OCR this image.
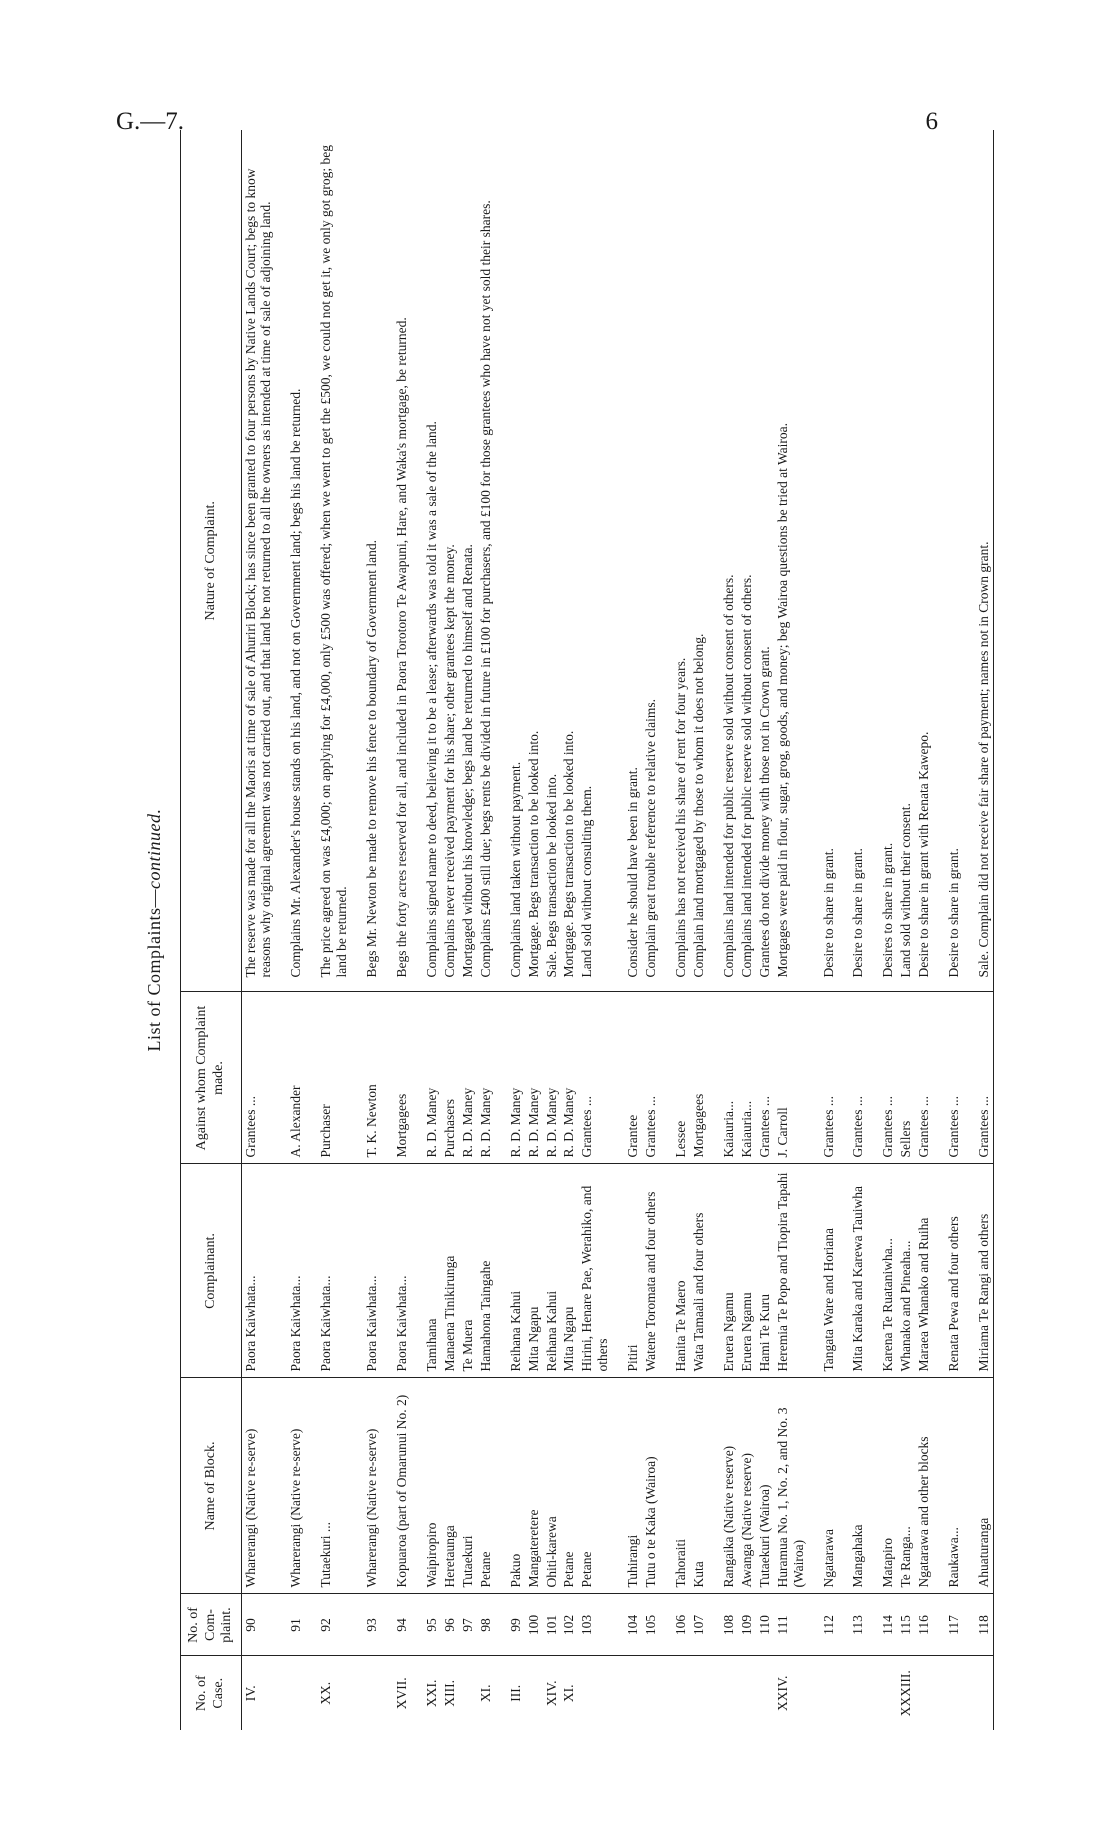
G.—7.	6
List of Complaints—continued.
No. of Case.	No. of Com-plaint.	Name of Block.	Complainant.	Against whom Complaint made.	Nature of Complaint.
IV.	90	Wharerangi (Native re-serve)	Paora Kaiwhata...	Grantees ...	The reserve was made for all the Maoris at time of sale of Ahuriri Block; has since been granted to four persons by Native Lands Court; begs to know reasons why original agreement was not carried out, and that land be not returned to all the owners as intended at time of sale of adjoining land.
	91	Wharerangi (Native re-serve)	Paora Kaiwhata...	A. Alexander	Complains Mr. Alexander's house stands on his land, and not on Government land; begs his land be returned.
XX.	92	Tutaekuri ...	Paora Kaiwhata...	Purchaser	The price agreed on was £4,000; on applying for £4,000, only £500 was offered; when we went to get the £500, we could not get it, we only got grog; beg land be returned.
	93	Wharerangi (Native re-serve)	Paora Kaiwhata...	T. K. Newton	Begs Mr. Newton be made to remove his fence to boundary of Government land.
XVII.	94	Kopuaroa (part of Omarunui No. 2)	Paora Kaiwhata...	Mortgagees	Begs the forty acres reserved for all, and included in Paora Torotoro Te Awapuni, Hare, and Waka's mortgage, be returned.
XXI.	95	Waipiropiro	Tamihana	R. D. Maney	Complains signed name to deed, believing it to be a lease; afterwards was told it was a sale of the land.
XIII.	96	Heretaunga	Manaena Tinikirunga	Purchasers	Complains never received payment for his share; other grantees kept the money.
	97	Tutaekuri	Te Muera	R. D. Maney	Mortgaged without his knowledge; begs land be returned to himself and Renata.
XI.	98	Petane	Hamahona Taingahe	R. D. Maney	Complains £400 still due; begs rents be divided in future in £100 for purchasers, and £100 for those grantees who have not yet sold their shares.
III.	99	Pakuo	Reihana Kahui	R. D. Maney	Complains land taken without payment.
	100	Mangateretere	Mita Ngapu	R. D. Maney	Mortgage. Begs transaction to be looked into.
XIV.	101	Ohiti-karewa	Reihana Kahui	R. D. Maney	Sale. Begs transaction be looked into.
XI.	102	Petane	Mita Ngapu	R. D. Maney	Mortgage. Begs transaction to be looked into.
	103	Petane	Hirini, Henare Pae, Werahiko, and others	Grantees ...	Land sold without consulting them.
	104	Tuhirangi	Pitiri	Grantee	Consider he should have been in grant.
	105	Tutu o te Kaka (Wairoa)	Watene Toromata and four others	Grantees ...	Complain great trouble reference to relative claims.
	106	Tahoraiti	Hanita Te Maero	Lessee	Complains has not received his share of rent for four years.
	107	Kuta	Wata Tamaali and four others	Mortgagees	Complain land mortgaged by those to whom it does not belong.
	108	Rangaika (Native reserve)	Eruera Ngamu	Kaiauria...	Complains land intended for public reserve sold without consent of others.
	109	Awanga (Native reserve)	Eruera Ngamu	Kaiauria...	Complains land intended for public reserve sold without consent of others.
	110	Tutaekuri (Wairoa)	Hami Te Kuru	Grantees ...	Grantees do not divide money with those not in Crown grant.
XXIV.	111	Huramua No. 1, No. 2, and No. 3 (Wairoa)	Heremia Te Popo and Tiopira Tapahi	J. Carroll	Mortgages were paid in flour, sugar, grog, goods, and money; beg Wairoa questions be tried at Wairoa.
	112	Ngatarawa	Tangata Ware and Horiana	Grantees ...	Desire to share in grant.
	113	Mangahaka	Mita Karaka and Karewa Tauiwha	Grantees ...	Desire to share in grant.
	114	Matapiro	Karena Te Ruataniwha...	Grantees ...	Desires to share in grant.
XXXIII.	115	Te Ranga...	Whanako and Pineaha...	Sellers	Land sold without their consent.
	116	Ngatarawa and other blocks	Maraea Whanako and Ruiha	Grantees ...	Desire to share in grant with Renata Kawepo.
	117	Raukawa...	Renata Pewa and four others	Grantees ...	Desire to share in grant.
	118	Ahuaturanga	Miriama Te Rangi and others	Grantees ...	Sale. Complain did not receive fair share of payment; names not in Crown grant.
